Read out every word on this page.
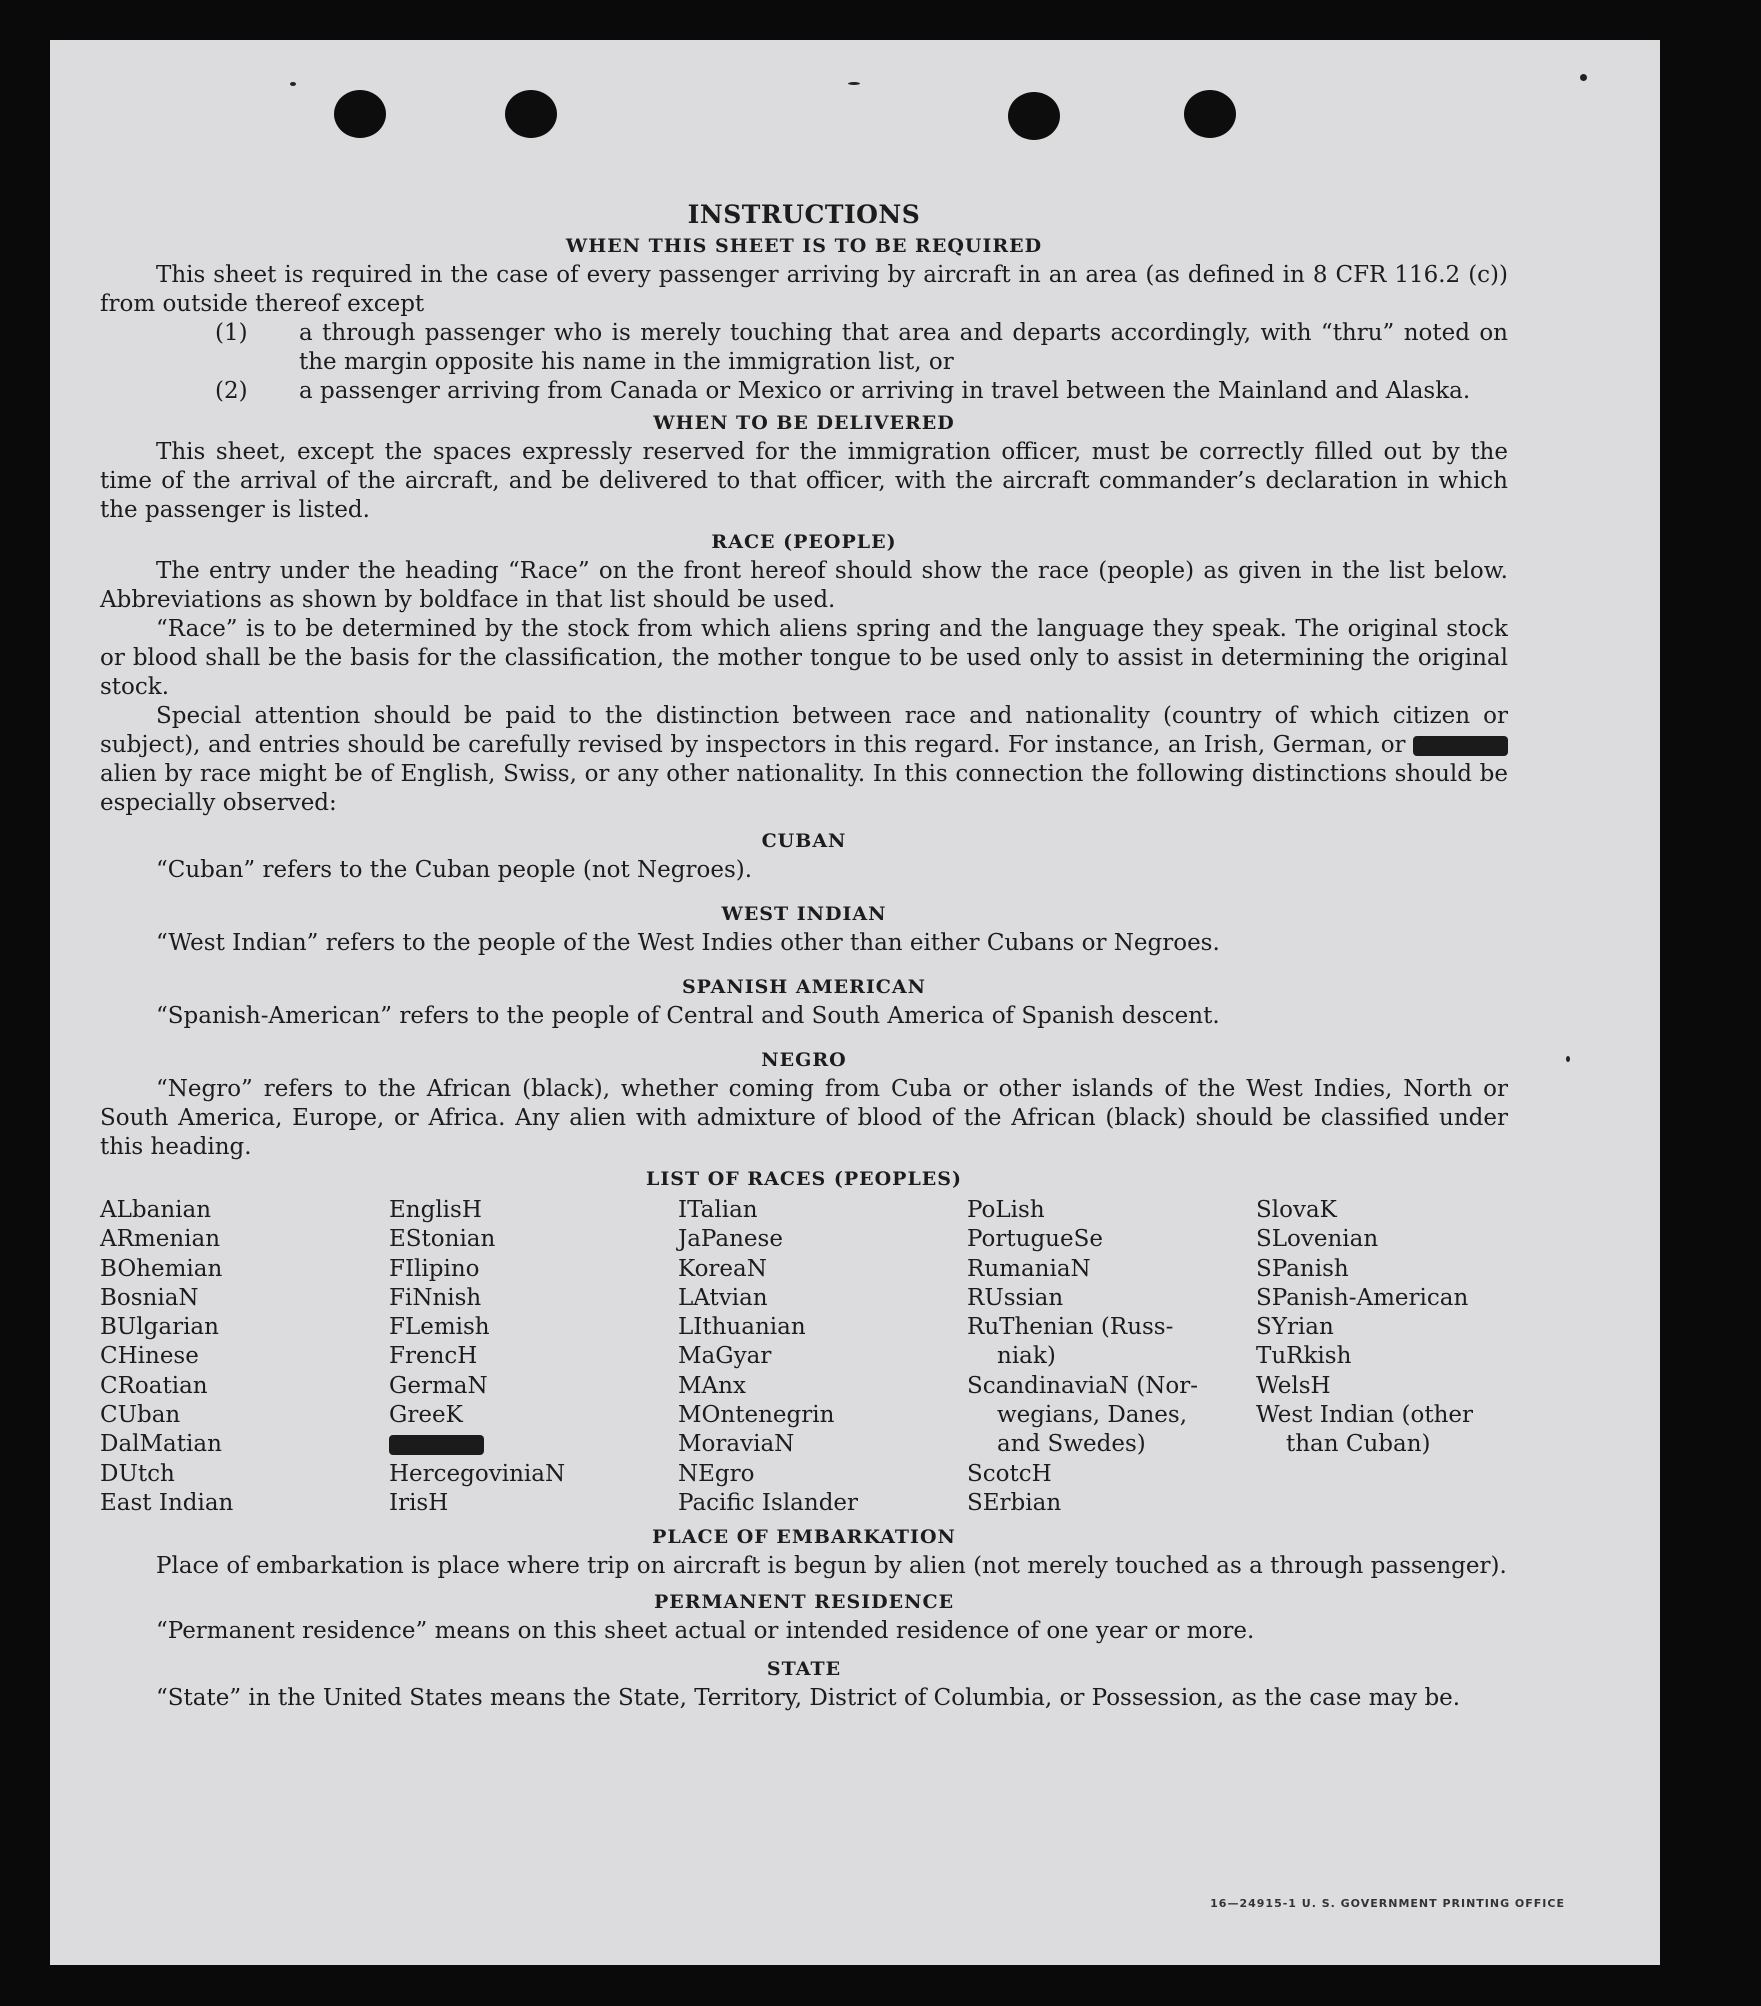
INSTRUCTIONS
WHEN THIS SHEET IS TO BE REQUIRED

This sheet is required in the case of every passenger arriving by aircraft in an area (as defined in 8 CFR 116.2 (c)) from outside thereof except

(1)	a through passenger who is merely touching that area and departs accordingly, with “thru” noted on the margin opposite his name in the immigration list, or
(2)	a passenger arriving from Canada or Mexico or arriving in travel between the Mainland and Alaska.
WHEN TO BE DELIVERED

This sheet, except the spaces expressly reserved for the immigration officer, must be correctly filled out by the time of the arrival of the aircraft, and be delivered to that officer, with the aircraft commander’s declaration in which the passenger is listed.

RACE (PEOPLE)

The entry under the heading “Race” on the front hereof should show the race (people) as given in the list below. Abbreviations as shown by boldface in that list should be used.

“Race” is to be determined by the stock from which aliens spring and the language they speak. The original stock or blood shall be the basis for the classification, the mother tongue to be used only to assist in determining the original stock.

Special attention should be paid to the distinction between race and nationality (country of which citizen or subject), and entries should be carefully revised by inspectors in this regard. For instance, an Irish, German, or  alien by race might be of English, Swiss, or any other nationality. In this connection the following distinctions should be especially observed:

CUBAN

“Cuban” refers to the Cuban people (not Negroes).

WEST INDIAN

“West Indian” refers to the people of the West Indies other than either Cubans or Negroes.

SPANISH AMERICAN

“Spanish-American” refers to the people of Central and South America of Spanish descent.

NEGRO

“Negro” refers to the African (black), whether coming from Cuba or other islands of the West Indies, North or South America, Europe, or Africa. Any alien with admixture of blood of the African (black) should be classified under this heading.

LIST OF RACES (PEOPLES)
ALbanian
ARmenian
BOhemian
BosniaN
BUlgarian
CHinese
CRoatian
CUban
DalMatian
DUtch
East Indian
EnglisH
EStonian
FIlipino
FiNnish
FLemish
FrencH
GermaN
GreeK
HercegoviniaN
IrisH
ITalian
JaPanese
KoreaN
LAtvian
LIthuanian
MaGyar
MAnx
MOntenegrin
MoraviaN
NEgro
Pacific Islander
PoLish
PortugueSe
RumaniaN
RUssian
RuThenian (Russ-
niak)
ScandinaviaN (Nor-
wegians, Danes,
and Swedes)
ScotcH
SErbian
SlovaK
SLovenian
SPanish
SPanish-American
SYrian
TuRkish
WelsH
West Indian (other
than Cuban)
PLACE OF EMBARKATION

Place of embarkation is place where trip on aircraft is begun by alien (not merely touched as a through passenger).

PERMANENT RESIDENCE

“Permanent residence” means on this sheet actual or intended residence of one year or more.

STATE

“State” in the United States means the State, Territory, District of Columbia, or Possession, as the case may be.

16—24915-1 U. S. GOVERNMENT PRINTING OFFICE
